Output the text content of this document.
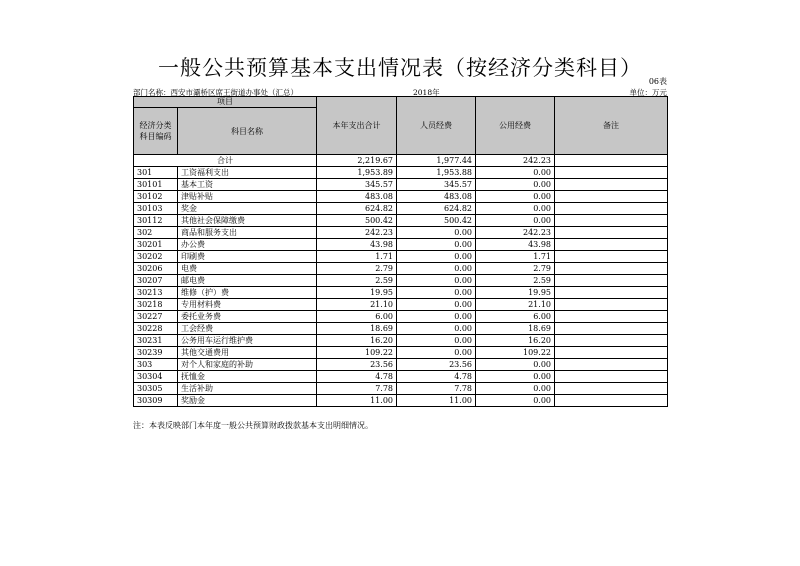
一般公共预算基本支出情况表（按经济分类科目）
06表
部门名称：西安市灞桥区席王街道办事处（汇总）	2018年	单位：万元
项目		本年支出合计	人员经费	公用经费	备注
经济分类科目编码	科目名称				
合计		2,219.67	1,977.44	242.23	
301	工资福利支出	1,953.89	1,953.88	0.00	
30101	基本工资	345.57	345.57	0.00	
30102	津贴补贴	483.08	483.08	0.00	
30103	奖金	624.82	624.82	0.00	
30112	其他社会保障缴费	500.42	500.42	0.00	
302	商品和服务支出	242.23	0.00	242.23	
30201	办公费	43.98	0.00	43.98	
30202	印刷费	1.71	0.00	1.71	
30206	电费	2.79	0.00	2.79	
30207	邮电费	2.59	0.00	2.59	
30213	维修（护）费	19.95	0.00	19.95	
30218	专用材料费	21.10	0.00	21.10	
30227	委托业务费	6.00	0.00	6.00	
30228	工会经费	18.69	0.00	18.69	
30231	公务用车运行维护费	16.20	0.00	16.20	
30239	其他交通费用	109.22	0.00	109.22	
303	对个人和家庭的补助	23.56	23.56	0.00	
30304	抚恤金	4.78	4.78	0.00	
30305	生活补助	7.78	7.78	0.00	
30309	奖励金	11.00	11.00	0.00	
注：本表反映部门本年度一般公共预算财政拨款基本支出明细情况。
